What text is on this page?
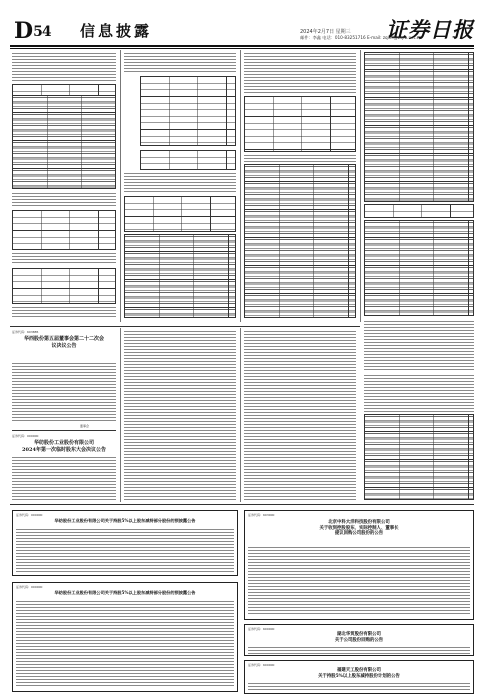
D54 信息披露	2024年2月7日 星期三
邮件：李鑫 电话：010-83251716 E-mail: zqshi@zqrb.net.cn
证券日报
证券代码：603885
华西股份第五届董事会第二十二次会议决议公告
董事会
证券代码：000000
华纺股份工业股份有限公司
2024年第一次临时股东大会决议公告
证券代码：000000
华纺股份工业股份有限公司关于持股5%以上股东减持部分股份的预披露公告
证券代码：000000
华纺股份工业股份有限公司关于持股5%以上股东减持部分股份的预披露公告
证券代码：603000
北京中科大洋科技股份有限公司
关于收到控股股东、实际控制人、董事长
提议回购公司股份的公告
证券代码：600000
湖北华贸股份有限公司
关于公司股份回购的公告
证券代码：600000
福建天工股份有限公司
关于持股5%以上股东减持股份计划的公告
